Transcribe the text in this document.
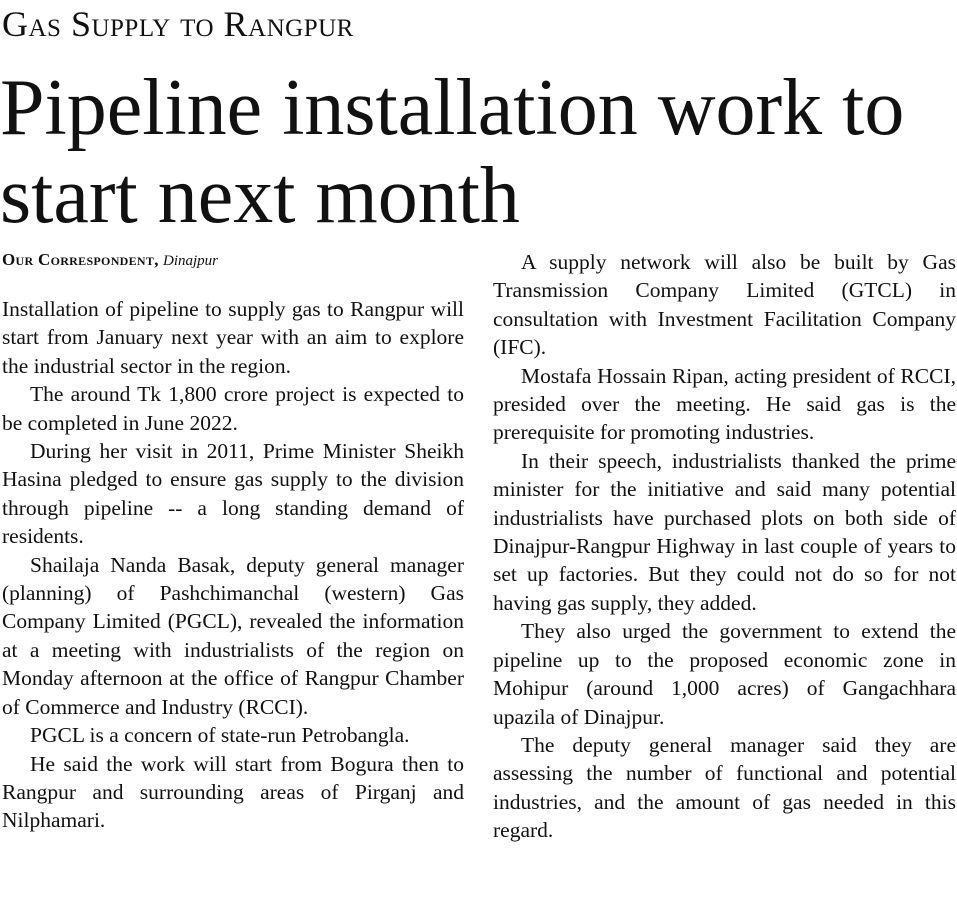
Gas Supply to Rangpur
Pipeline installation work to start next month
Our Correspondent, Dinajpur

Installation of pipeline to supply gas to Rangpur will start from January next year with an aim to explore the industrial sector in the region.

The around Tk 1,800 crore project is expected to be completed in June 2022.

During her visit in 2011, Prime Minister Sheikh Hasina pledged to ensure gas supply to the division through pipeline -- a long standing demand of residents.

Shailaja Nanda Basak, deputy general manager (planning) of Pashchimanchal (western) Gas Company Limited (PGCL), revealed the information at a meeting with industrialists of the region on Monday afternoon at the office of Rangpur Chamber of Commerce and Industry (RCCI).

PGCL is a concern of state-run Petrobangla.

He said the work will start from Bogura then to Rangpur and surrounding areas of Pirganj and Nilphamari.

A supply network will also be built by Gas Transmission Company Limited (GTCL) in consultation with Investment Facilitation Company (IFC).

Mostafa Hossain Ripan, acting president of RCCI, presided over the meeting. He said gas is the prerequisite for promoting industries.

In their speech, industrialists thanked the prime minister for the initiative and said many potential industrialists have purchased plots on both side of Dinajpur-Rangpur Highway in last couple of years to set up factories. But they could not do so for not having gas supply, they added.

They also urged the government to extend the pipeline up to the proposed economic zone in Mohipur (around 1,000 acres) of Gangachhara upazila of Dinajpur.

The deputy general manager said they are assessing the number of functional and potential industries, and the amount of gas needed in this regard.
